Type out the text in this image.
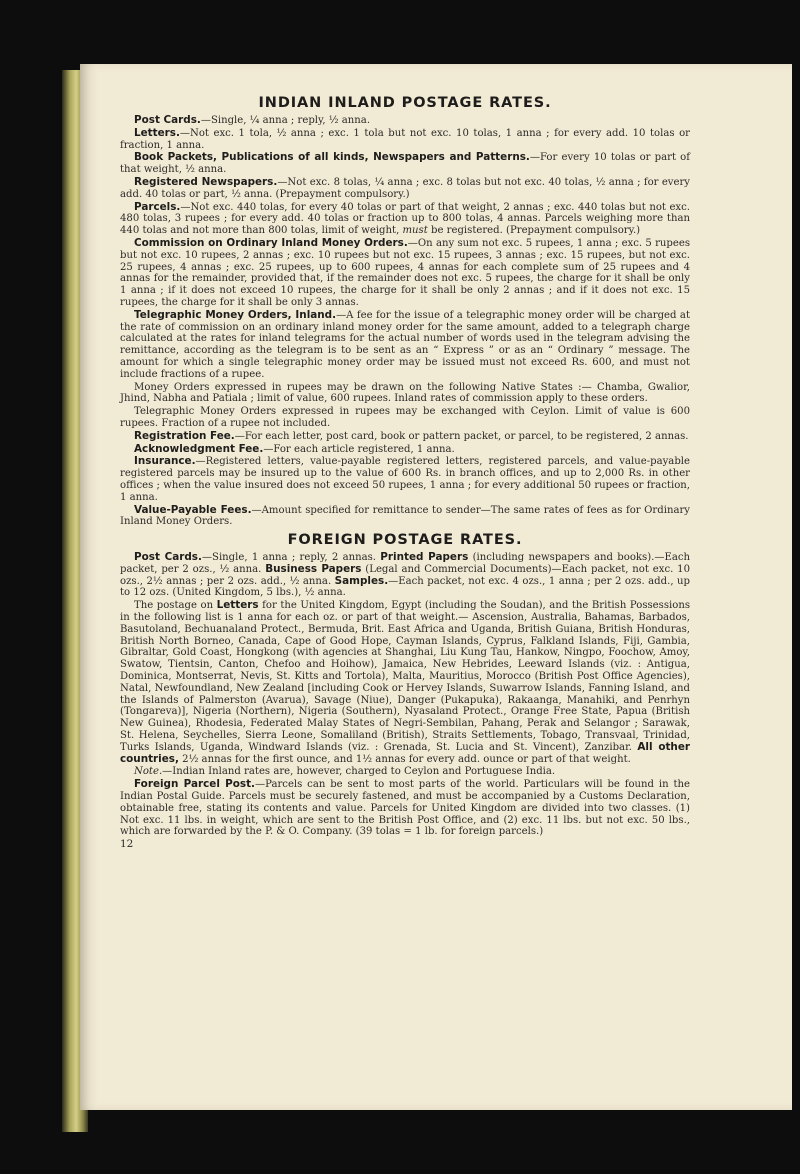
INDIAN INLAND POSTAGE RATES.

Post Cards.—Single, ¼ anna ; reply, ½ anna.

Letters.—Not exc. 1 tola, ½ anna ; exc. 1 tola but not exc. 10 tolas, 1 anna ; for every add. 10 tolas or fraction, 1 anna.

Book Packets, Publications of all kinds, Newspapers and Patterns.—For every 10 tolas or part of that weight, ½ anna.

Registered Newspapers.—Not exc. 8 tolas, ¼ anna ; exc. 8 tolas but not exc. 40 tolas, ½ anna ; for every add. 40 tolas or part, ½ anna. (Prepayment compulsory.)

Parcels.—Not exc. 440 tolas, for every 40 tolas or part of that weight, 2 annas ; exc. 440 tolas but not exc. 480 tolas, 3 rupees ; for every add. 40 tolas or fraction up to 800 tolas, 4 annas. Parcels weighing more than 440 tolas and not more than 800 tolas, limit of weight, must be registered. (Prepayment compulsory.)

Commission on Ordinary Inland Money Orders.—On any sum not exc. 5 rupees, 1 anna ; exc. 5 rupees but not exc. 10 rupees, 2 annas ; exc. 10 rupees but not exc. 15 rupees, 3 annas ; exc. 15 rupees, but not exc. 25 rupees, 4 annas ; exc. 25 rupees, up to 600 rupees, 4 annas for each complete sum of 25 rupees and 4 annas for the remainder, provided that, if the remainder does not exc. 5 rupees, the charge for it shall be only 1 anna ; if it does not exceed 10 rupees, the charge for it shall be only 2 annas ; and if it does not exc. 15 rupees, the charge for it shall be only 3 annas.

Telegraphic Money Orders, Inland.—A fee for the issue of a telegraphic money order will be charged at the rate of commission on an ordinary inland money order for the same amount, added to a telegraph charge calculated at the rates for inland telegrams for the actual number of words used in the telegram advising the remittance, according as the telegram is to be sent as an “ Express ” or as an “ Ordinary ” message. The amount for which a single telegraphic money order may be issued must not exceed Rs. 600, and must not include fractions of a rupee.

Money Orders expressed in rupees may be drawn on the following Native States :— Chamba, Gwalior, Jhind, Nabha and Patiala ; limit of value, 600 rupees. Inland rates of commission apply to these orders.

Telegraphic Money Orders expressed in rupees may be exchanged with Ceylon. Limit of value is 600 rupees. Fraction of a rupee not included.

Registration Fee.—For each letter, post card, book or pattern packet, or parcel, to be registered, 2 annas.

Acknowledgment Fee.—For each article registered, 1 anna.

Insurance.—Registered letters, value-payable registered letters, registered parcels, and value-payable registered parcels may be insured up to the value of 600 Rs. in branch offices, and up to 2,000 Rs. in other offices ; when the value insured does not exceed 50 rupees, 1 anna ; for every additional 50 rupees or fraction, 1 anna.

Value-Payable Fees.—Amount specified for remittance to sender—The same rates of fees as for Ordinary Inland Money Orders.

FOREIGN POSTAGE RATES.

Post Cards.—Single, 1 anna ; reply, 2 annas. Printed Papers (including newspapers and books).—Each packet, per 2 ozs., ½ anna. Business Papers (Legal and Commercial Documents)—Each packet, not exc. 10 ozs., 2½ annas ; per 2 ozs. add., ½ anna. Samples.—Each packet, not exc. 4 ozs., 1 anna ; per 2 ozs. add., up to 12 ozs. (United Kingdom, 5 lbs.), ½ anna.

The postage on Letters for the United Kingdom, Egypt (including the Soudan), and the British Possessions in the following list is 1 anna for each oz. or part of that weight.— Ascension, Australia, Bahamas, Barbados, Basutoland, Bechuanaland Protect., Bermuda, Brit. East Africa and Uganda, British Guiana, British Honduras, British North Borneo, Canada, Cape of Good Hope, Cayman Islands, Cyprus, Falkland Islands, Fiji, Gambia, Gibraltar, Gold Coast, Hongkong (with agencies at Shanghai, Liu Kung Tau, Hankow, Ningpo, Foochow, Amoy, Swatow, Tientsin, Canton, Chefoo and Hoihow), Jamaica, New Hebrides, Leeward Islands (viz. : Antigua, Dominica, Montserrat, Nevis, St. Kitts and Tortola), Malta, Mauritius, Morocco (British Post Office Agencies), Natal, Newfoundland, New Zealand [including Cook or Hervey Islands, Suwarrow Islands, Fanning Island, and the Islands of Palmerston (Avarua), Savage (Niue), Danger (Pukapuka), Rakaanga, Manahiki, and Penrhyn (Tongareva)], Nigeria (Northern), Nigeria (Southern), Nyasaland Protect., Orange Free State, Papua (British New Guinea), Rhodesia, Federated Malay States of Negri-Sembilan, Pahang, Perak and Selangor ; Sarawak, St. Helena, Seychelles, Sierra Leone, Somaliland (British), Straits Settlements, Tobago, Transvaal, Trinidad, Turks Islands, Uganda, Windward Islands (viz. : Grenada, St. Lucia and St. Vincent), Zanzibar. All other countries, 2½ annas for the first ounce, and 1½ annas for every add. ounce or part of that weight.

Note.—Indian Inland rates are, however, charged to Ceylon and Portuguese India.

Foreign Parcel Post.—Parcels can be sent to most parts of the world. Particulars will be found in the Indian Postal Guide. Parcels must be securely fastened, and must be accompanied by a Customs Declaration, obtainable free, stating its contents and value. Parcels for United Kingdom are divided into two classes. (1) Not exc. 11 lbs. in weight, which are sent to the British Post Office, and (2) exc. 11 lbs. but not exc. 50 lbs., which are forwarded by the P. & O. Company. (39 tolas = 1 lb. for foreign parcels.)

12
